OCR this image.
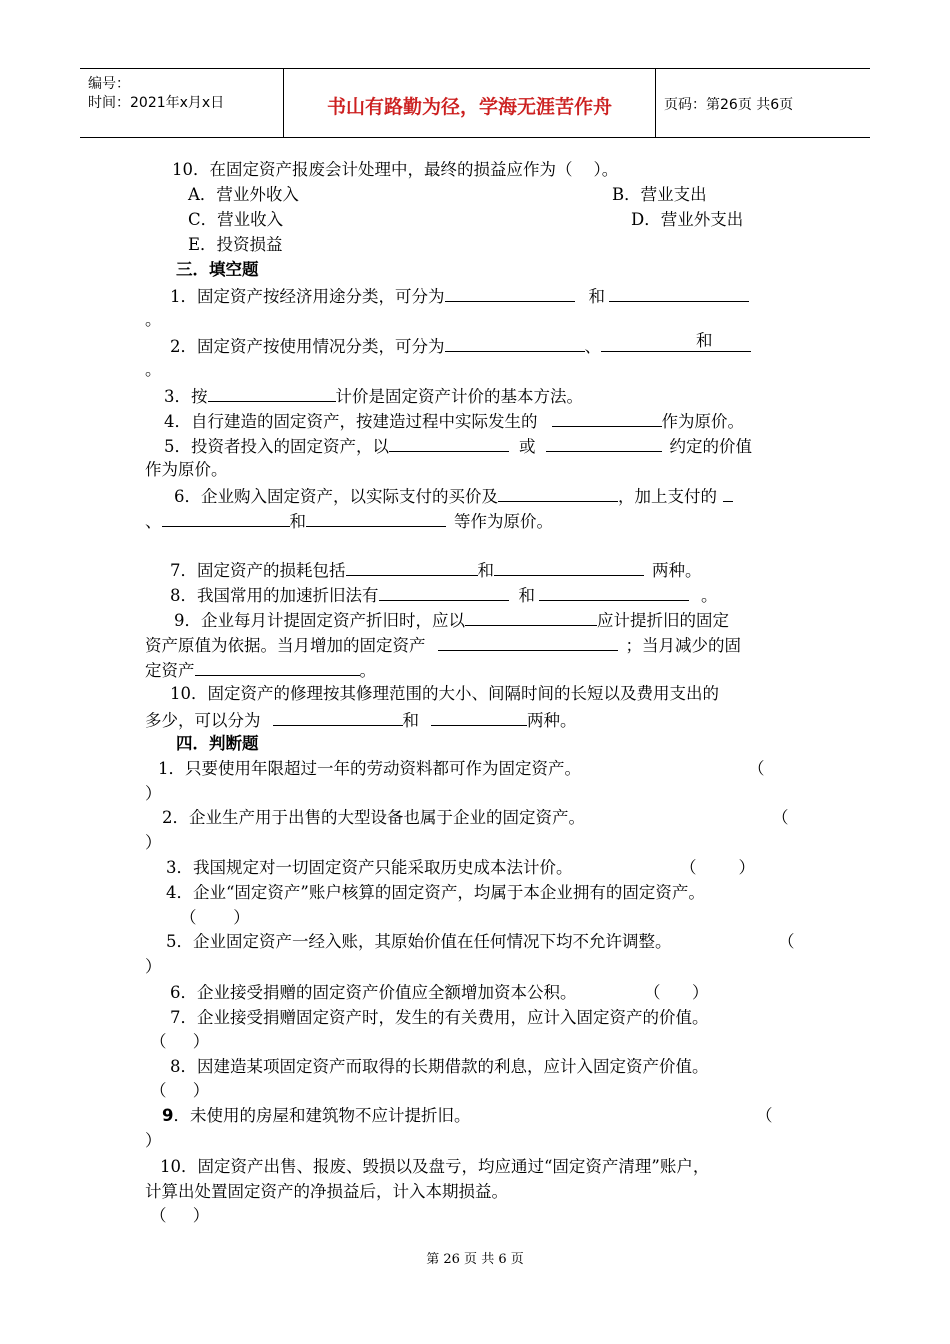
编号：
时间：2021年x月x日	书山有路勤为径，学海无涯苦作舟	页码：第26页 共6页
10．在固定资产报废会计处理中，最终的损益应作为（    ）。
A．营业外收入	B．营业支出
C．营业收入	D．营业外支出
E．投资损益
三．填空题
1．固定资产按经济用途分类，可分为	和
。
2．固定资产按使用情况分类，可分为	、	和
。
3．按	计价是固定资产计价的基本方法。
4．自行建造的固定资产，按建造过程中实际发生的	作为原价。
5．投资者投入的固定资产，以	或	约定的价值
作为原价。
6．企业购入固定资产，以实际支付的买价及	，加上支付的
、	和	等作为原价。
7．固定资产的损耗包括	和	两种。
8．我国常用的加速折旧法有	和	。
9．企业每月计提固定资产折旧时，应以	应计提折旧的固定
资产原值为依据。当月增加的固定资产	；当月减少的固
定资产	。
10．固定资产的修理按其修理范围的大小、间隔时间的长短以及费用支出的
多少，可以分为	和	两种。
四．判断题
1．只要使用年限超过一年的劳动资料都可作为固定资产。	（
）
2．企业生产用于出售的大型设备也属于企业的固定资产。	（
）
3．我国规定对一切固定资产只能采取历史成本法计价。	（        ）
4．企业“固定资产”账户核算的固定资产，均属于本企业拥有的固定资产。
（       ）
5．企业固定资产一经入账，其原始价值在任何情况下均不允许调整。	（
）
6．企业接受捐赠的固定资产价值应全额增加资本公积。	（      ）
7．企业接受捐赠固定资产时，发生的有关费用，应计入固定资产的价值。
（     ）
8．因建造某项固定资产而取得的长期借款的利息，应计入固定资产价值。
（     ）
9．未使用的房屋和建筑物不应计提折旧。	（
）
10．固定资产出售、报废、毁损以及盘亏，均应通过“固定资产清理”账户，
计算出处置固定资产的净损益后，计入本期损益。
（     ）
第 26 页 共 6 页
